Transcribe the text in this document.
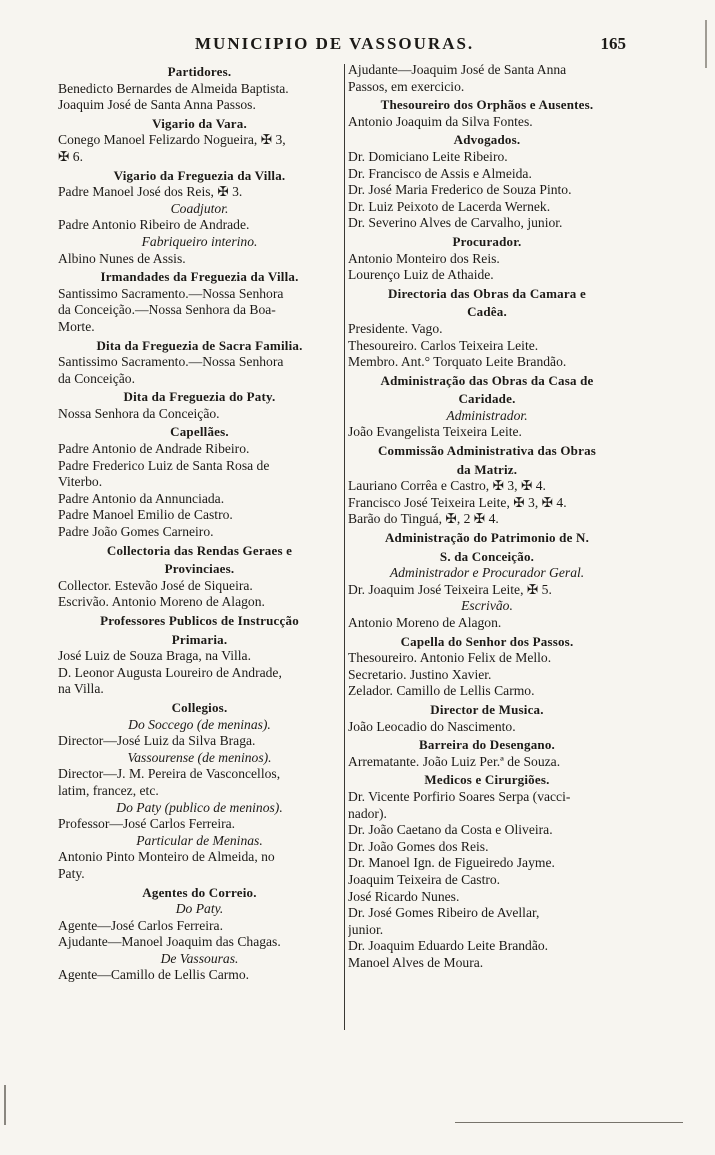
MUNICIPIO DE VASSOURAS.	165
Partidores.
Benedicto Bernardes de Almeida Baptista.
Joaquim José de Santa Anna Passos.
Vigario da Vara.
Conego Manoel Felizardo Nogueira, ✠ 3,
✠ 6.
Vigario da Freguezia da Villa.
Padre Manoel José dos Reis, ✠ 3.
Coadjutor.
Padre Antonio Ribeiro de Andrade.
Fabriqueiro interino.
Albino Nunes de Assis.
Irmandades da Freguezia da Villa.
Santissimo Sacramento.—Nossa Senhora
da Conceição.—Nossa Senhora da Boa-
Morte.
Dita da Freguezia de Sacra Familia.
Santissimo Sacramento.—Nossa Senhora
da Conceição.
Dita da Freguezia do Paty.
Nossa Senhora da Conceição.
Capellães.
Padre Antonio de Andrade Ribeiro.
Padre Frederico Luiz de Santa Rosa de
Viterbo.
Padre Antonio da Annunciada.
Padre Manoel Emilio de Castro.
Padre João Gomes Carneiro.
Collectoria das Rendas Geraes e
Provinciaes.
Collector. Estevão José de Siqueira.
Escrivão. Antonio Moreno de Alagon.
Professores Publicos de Instrucção
Primaria.
José Luiz de Souza Braga, na Villa.
D. Leonor Augusta Loureiro de Andrade,
na Villa.
Collegios.
Do Soccego (de meninas).
Director—José Luiz da Silva Braga.
Vassourense (de meninos).
Director—J. M. Pereira de Vasconcellos,
latim, francez, etc.
Do Paty (publico de meninos).
Professor—José Carlos Ferreira.
Particular de Meninas.
Antonio Pinto Monteiro de Almeida, no
Paty.
Agentes do Correio.
Do Paty.
Agente—José Carlos Ferreira.
Ajudante—Manoel Joaquim das Chagas.
De Vassouras.
Agente—Camillo de Lellis Carmo.
Ajudante—Joaquim José de Santa Anna
Passos, em exercicio.
Thesoureiro dos Orphãos e Ausentes.
Antonio Joaquim da Silva Fontes.
Advogados.
Dr. Domiciano Leite Ribeiro.
Dr. Francisco de Assis e Almeida.
Dr. José Maria Frederico de Souza Pinto.
Dr. Luiz Peixoto de Lacerda Wernek.
Dr. Severino Alves de Carvalho, junior.
Procurador.
Antonio Monteiro dos Reis.
Lourenço Luiz de Athaide.
Directoria das Obras da Camara e
Cadêa.
Presidente. Vago.
Thesoureiro. Carlos Teixeira Leite.
Membro. Ant.° Torquato Leite Brandão.
Administração das Obras da Casa de
Caridade.
Administrador.
João Evangelista Teixeira Leite.
Commissão Administrativa das Obras
da Matriz.
Lauriano Corrêa e Castro, ✠ 3, ✠ 4.
Francisco José Teixeira Leite, ✠ 3, ✠ 4.
Barão do Tinguá, ✠, 2 ✠ 4.
Administração do Patrimonio de N.
S. da Conceição.
Administrador e Procurador Geral.
Dr. Joaquim José Teixeira Leite, ✠ 5.
Escrivão.
Antonio Moreno de Alagon.
Capella do Senhor dos Passos.
Thesoureiro. Antonio Felix de Mello.
Secretario. Justino Xavier.
Zelador. Camillo de Lellis Carmo.
Director de Musica.
João Leocadio do Nascimento.
Barreira do Desengano.
Arrematante. João Luiz Per.ª de Souza.
Medicos e Cirurgiões.
Dr. Vicente Porfirio Soares Serpa (vacci-
nador).
Dr. João Caetano da Costa e Oliveira.
Dr. João Gomes dos Reis.
Dr. Manoel Ign. de Figueiredo Jayme.
Joaquim Teixeira de Castro.
José Ricardo Nunes.
Dr. José Gomes Ribeiro de Avellar,
junior.
Dr. Joaquim Eduardo Leite Brandão.
Manoel Alves de Moura.
